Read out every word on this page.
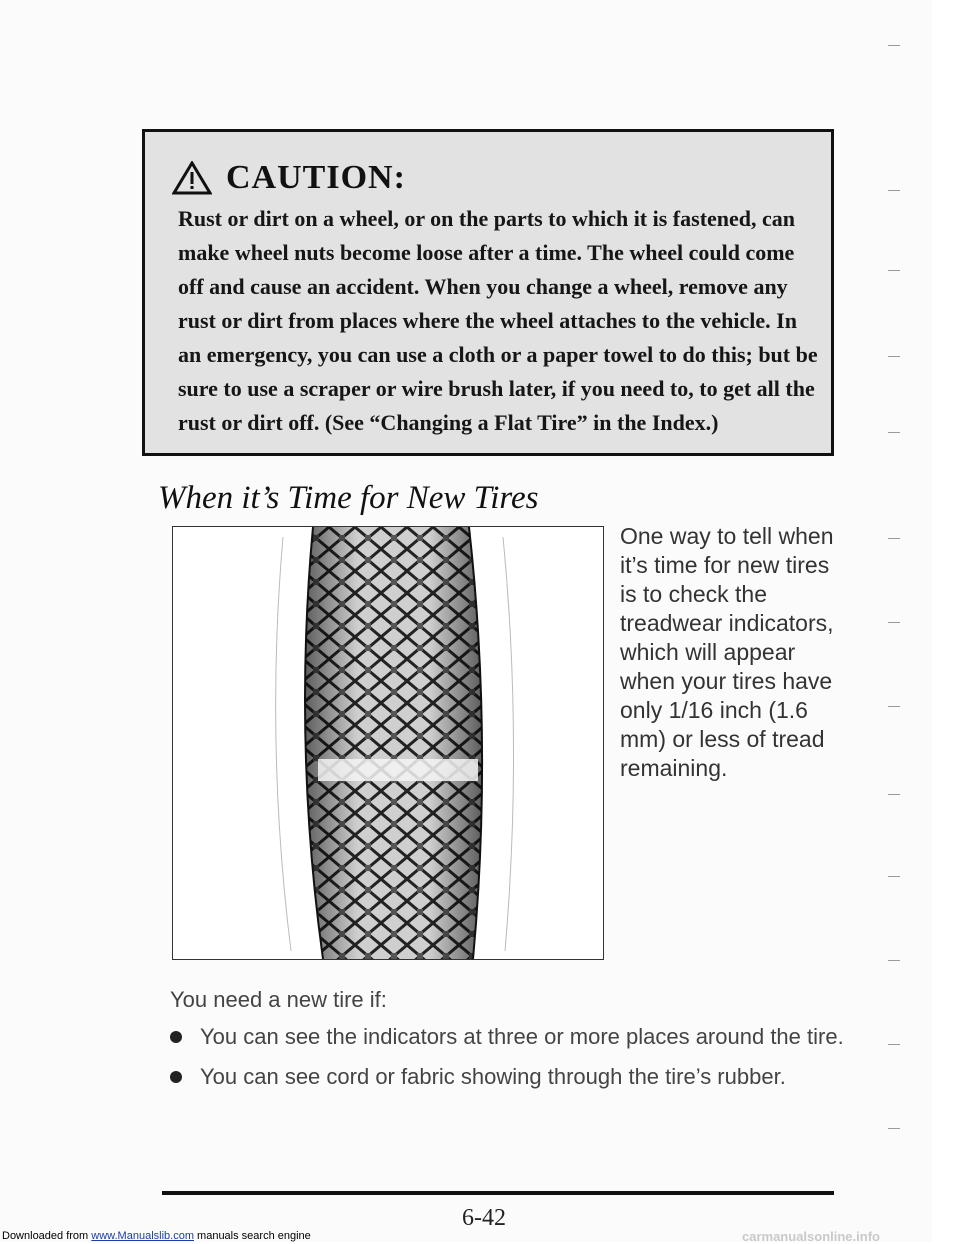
CAUTION:

Rust or dirt on a wheel, or on the parts to which it is fastened, can make wheel nuts become loose after a time. The wheel could come off and cause an accident. When you change a wheel, remove any rust or dirt from places where the wheel attaches to the vehicle. In an emergency, you can use a cloth or a paper towel to do this; but be sure to use a scraper or wire brush later, if you need to, to get all the rust or dirt off. (See “Changing a Flat Tire” in the Index.)

When it’s Time for New Tires

One way to tell when it’s time for new tires is to check the treadwear indicators, which will appear when your tires have only 1/16 inch (1.6 mm) or less of tread remaining.

You need a new tire if:

You can see the indicators at three or more places around the tire.
You can see cord or fabric showing through the tire’s rubber.

6-42

Downloaded from www.Manualslib.com manuals search engine	carmanualsonline.info
